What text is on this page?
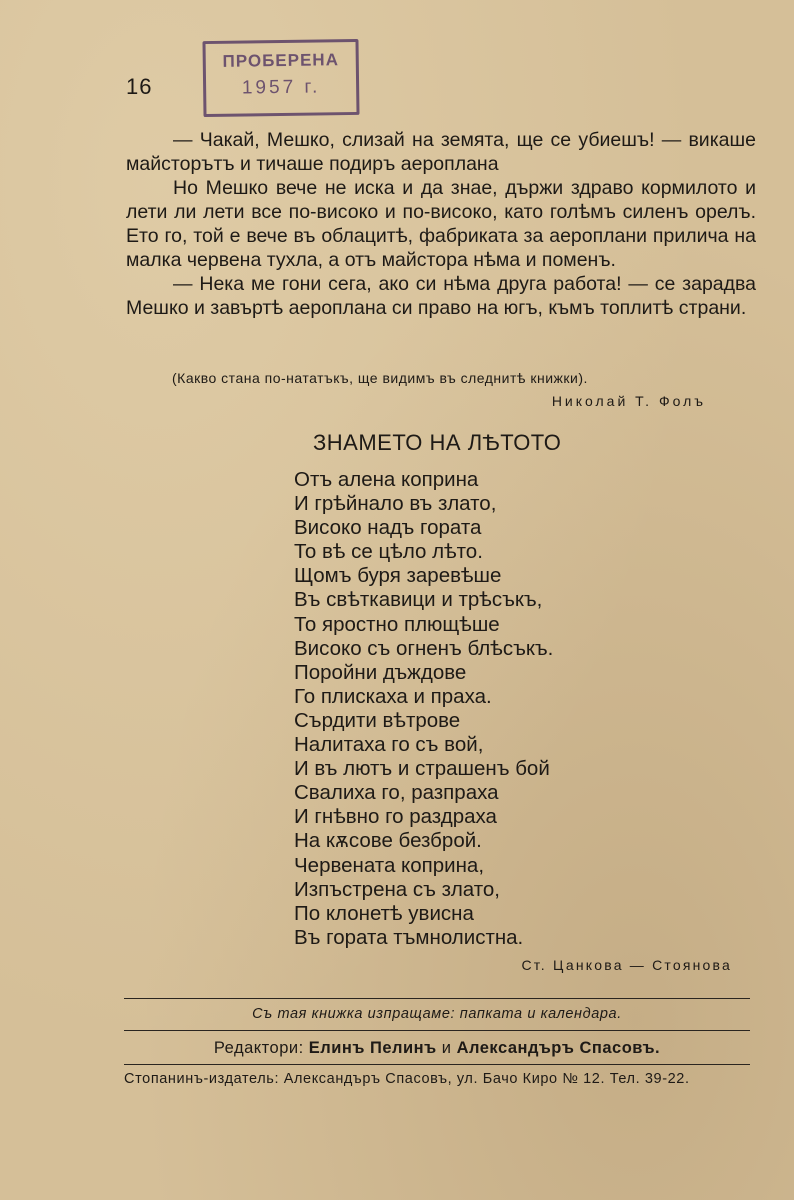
16
ПРОБЕРЕНА
1957 г.

— Чакай, Мешко, слизай на земята, ще се убиешъ! — викаше майсторътъ и тичаше подиръ аероплана

Но Мешко вече не иска и да знае, държи здраво кормилото и лети ли лети все по-високо и по-високо, като голѣмъ силенъ орелъ. Ето го, той е вече въ облацитѣ, фабриката за аероплани прилича на малка червена тухла, а отъ майстора нѣма и поменъ.

— Нека ме гони сега, ако си нѣма друга работа! — се зарадва Мешко и завъртѣ аероплана си право на югъ, къмъ топлитѣ страни.

(Какво стана по-нататъкъ, ще видимъ въ следнитѣ книжки).
Николай Т. Фолъ
ЗНАМЕТО НА ЛѢТОТО
Отъ алена коприна
И грѣйнало въ злато,
Високо надъ гората
То вѣ се цѣло лѣто.
Щомъ буря заревѣше
Въ свѣткавици и трѣсъкъ,
То яростно плющѣше
Високо съ огненъ блѣсъкъ.
Поройни дъждове
Го плискаха и праха.
Сърдити вѣтрове
Налитаха го съ вой,
И въ лютъ и страшенъ бой
Свалиха го, разпраха
И гнѣвно го раздраха
На кѫсове безброй.
Червената коприна,
Изпъстрена съ злато,
По клонетѣ увисна
Въ гората тъмнолистна.
Ст. Цанкова — Стоянова
Съ тая книжка изпращаме: папката и календара.
Редактори: Елинъ Пелинъ и Александъръ Спасовъ.
Стопанинъ-издатель: Александъръ Спасовъ, ул. Бачо Киро № 12. Тел. 39-22.
